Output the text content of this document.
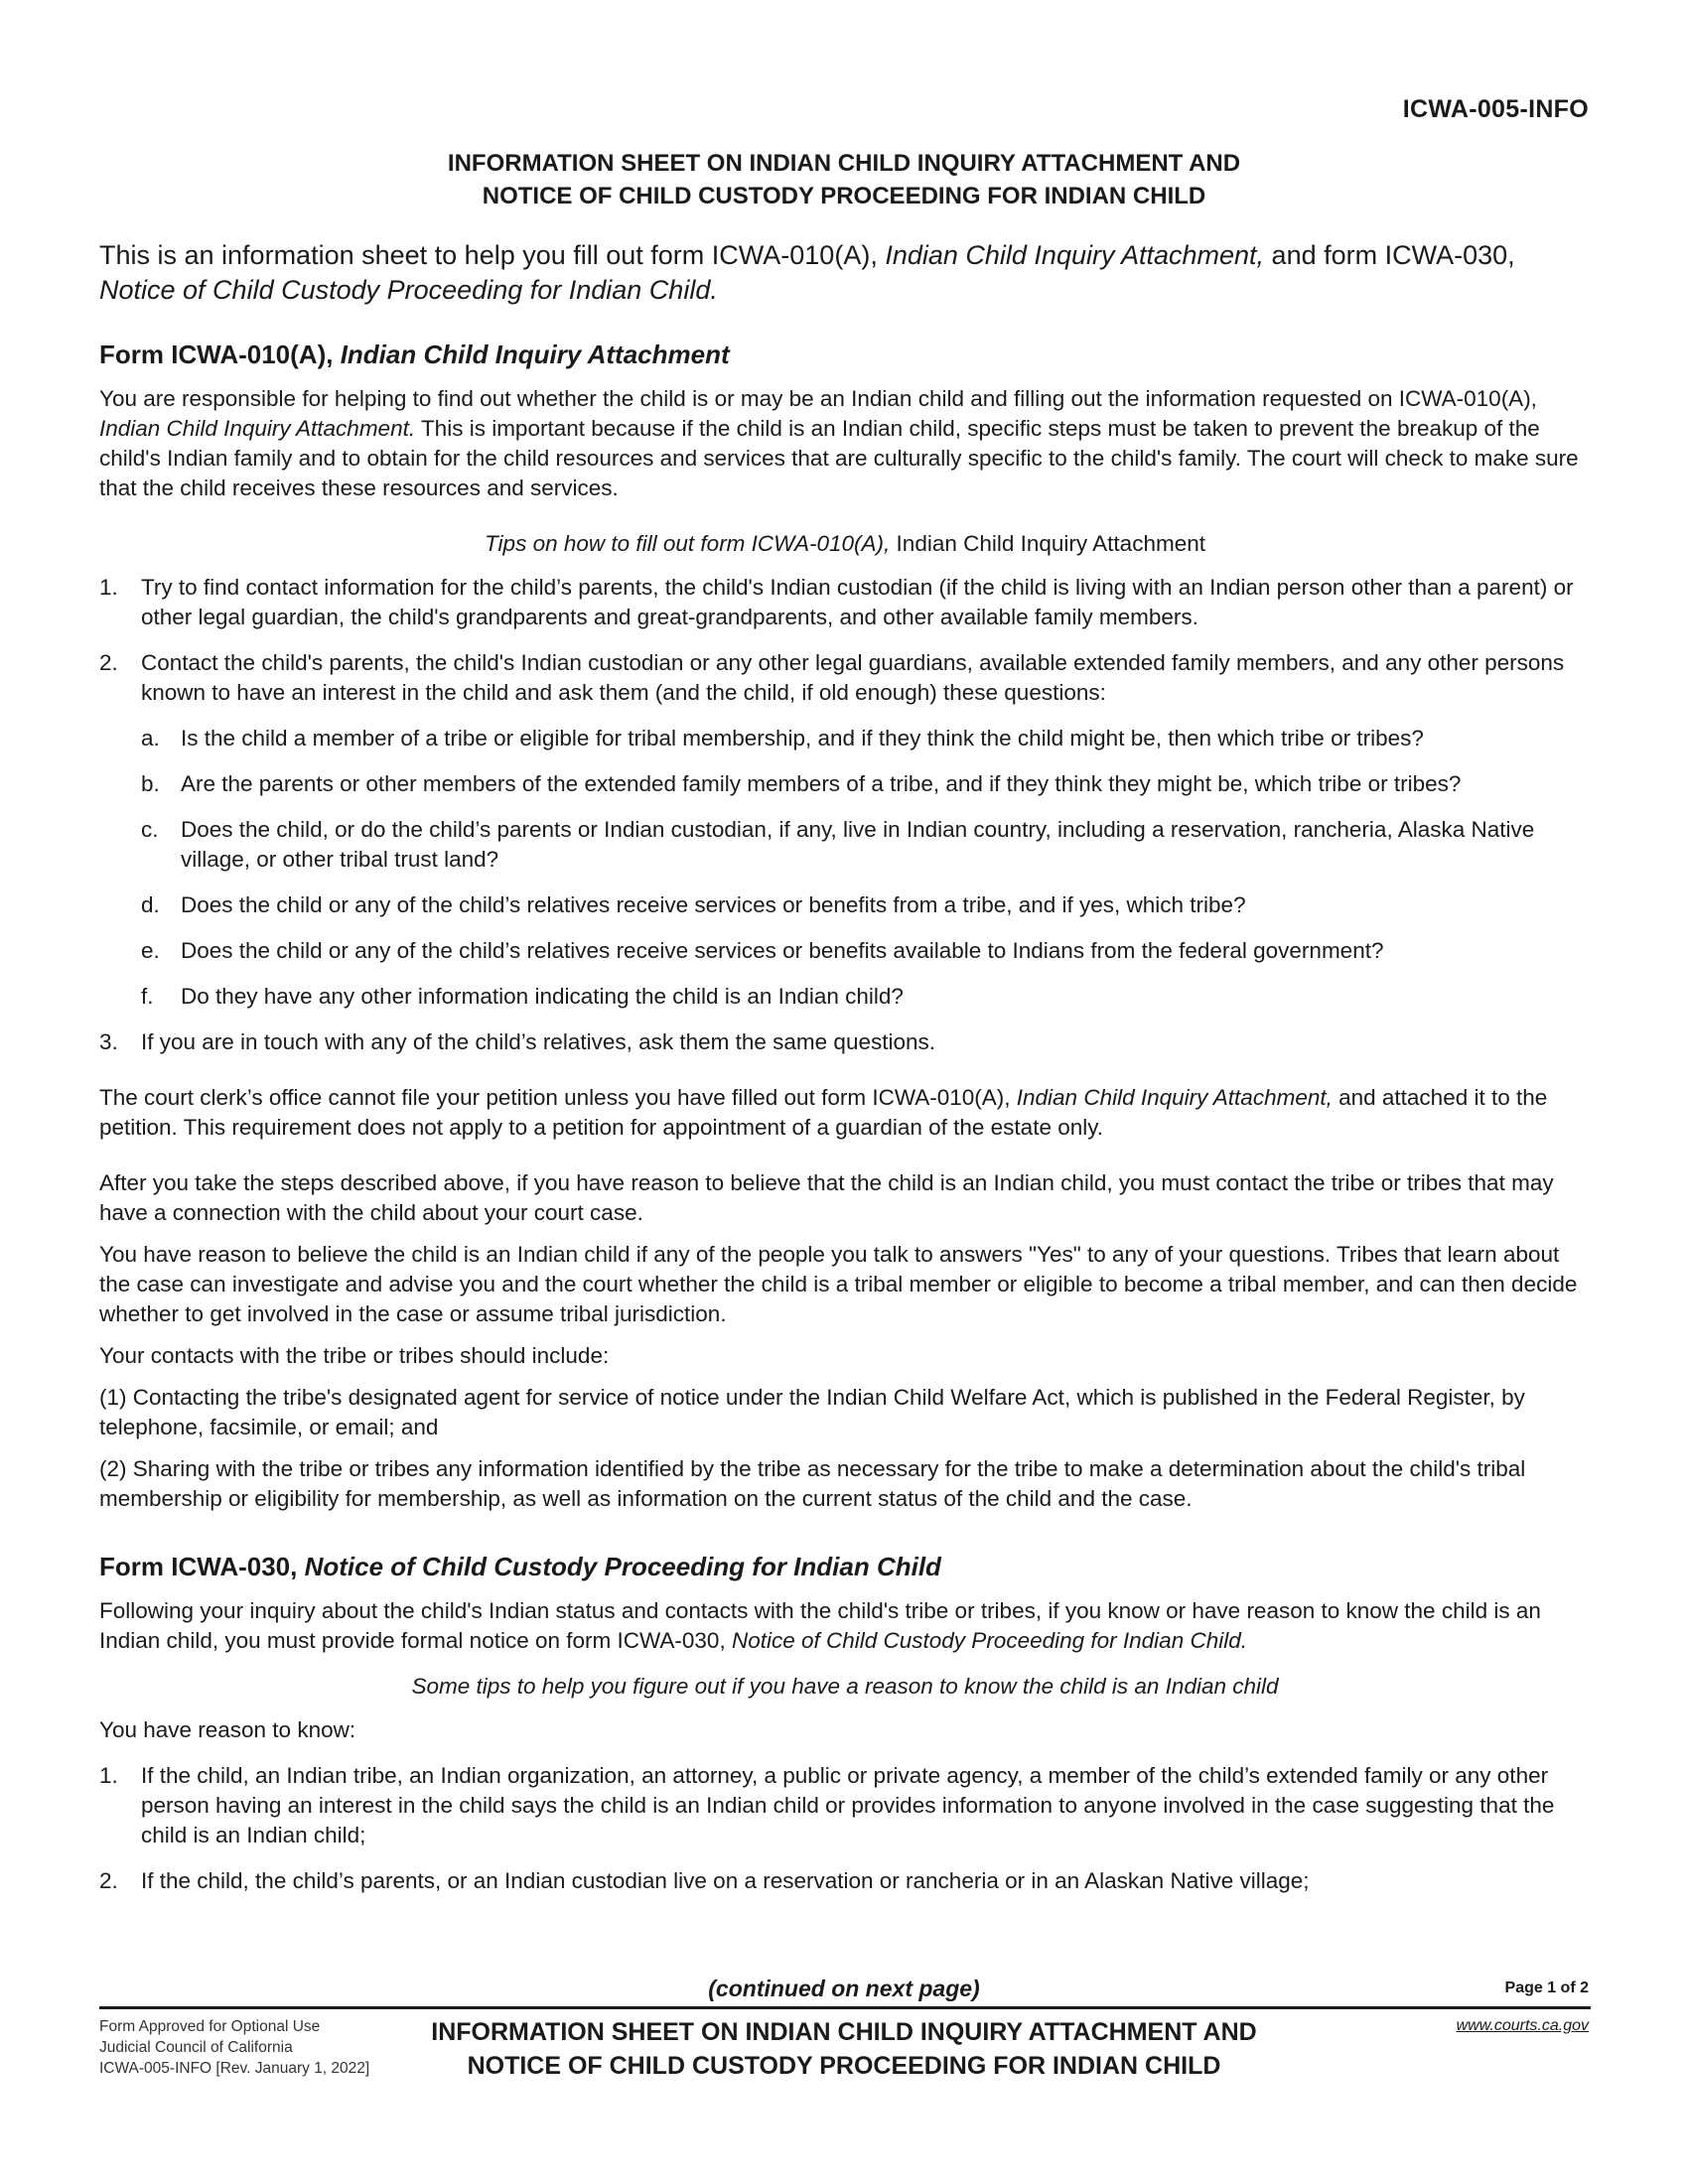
ICWA-005-INFO
INFORMATION SHEET ON INDIAN CHILD INQUIRY ATTACHMENT AND
NOTICE OF CHILD CUSTODY PROCEEDING FOR INDIAN CHILD
This is an information sheet to help you fill out form ICWA-010(A), Indian Child Inquiry Attachment, and form ICWA-030, Notice of Child Custody Proceeding for Indian Child.
Form ICWA-010(A), Indian Child Inquiry Attachment

You are responsible for helping to find out whether the child is or may be an Indian child and filling out the information requested on ICWA-010(A), Indian Child Inquiry Attachment. This is important because if the child is an Indian child, specific steps must be taken to prevent the breakup of the child's Indian family and to obtain for the child resources and services that are culturally specific to the child's family. The court will check to make sure that the child receives these resources and services.

Tips on how to fill out form ICWA-010(A), Indian Child Inquiry Attachment
1.	Try to find contact information for the child’s parents, the child's Indian custodian (if the child is living with an Indian person other than a parent) or other legal guardian, the child's grandparents and great-grandparents, and other available family members.
2.	Contact the child's parents, the child's Indian custodian or any other legal guardians, available extended family members, and any other persons known to have an interest in the child and ask them (and the child, if old enough) these questions:
a. Is the child a member of a tribe or eligible for tribal membership, and if they think the child might be, then which tribe or tribes?
b. Are the parents or other members of the extended family members of a tribe, and if they think they might be, which tribe or tribes?
c. Does the child, or do the child’s parents or Indian custodian, if any, live in Indian country, including a reservation, rancheria, Alaska Native village, or other tribal trust land?
d. Does the child or any of the child’s relatives receive services or benefits from a tribe, and if yes, which tribe?
e. Does the child or any of the child’s relatives receive services or benefits available to Indians from the federal government?
f.	Do they have any other information indicating the child is an Indian child?
3.	If you are in touch with any of the child’s relatives, ask them the same questions.

The court clerk’s office cannot file your petition unless you have filled out form ICWA-010(A), Indian Child Inquiry Attachment, and attached it to the petition. This requirement does not apply to a petition for appointment of a guardian of the estate only.

After you take the steps described above, if you have reason to believe that the child is an Indian child, you must contact the tribe or tribes that may have a connection with the child about your court case.

You have reason to believe the child is an Indian child if any of the people you talk to answers "Yes" to any of your questions. Tribes that learn about the case can investigate and advise you and the court whether the child is a tribal member or eligible to become a tribal member, and can then decide whether to get involved in the case or assume tribal jurisdiction.

Your contacts with the tribe or tribes should include:

(1) Contacting the tribe's designated agent for service of notice under the Indian Child Welfare Act, which is published in the Federal Register, by telephone, facsimile, or email; and

(2) Sharing with the tribe or tribes any information identified by the tribe as necessary for the tribe to make a determination about the child's tribal membership or eligibility for membership, as well as information on the current status of the child and the case.

Form ICWA-030, Notice of Child Custody Proceeding for Indian Child

Following your inquiry about the child's Indian status and contacts with the child's tribe or tribes, if you know or have reason to know the child is an Indian child, you must provide formal notice on form ICWA-030, Notice of Child Custody Proceeding for Indian Child.

Some tips to help you figure out if you have a reason to know the child is an Indian child

You have reason to know:

1.	If the child, an Indian tribe, an Indian organization, an attorney, a public or private agency, a member of the child’s extended family or any other person having an interest in the child says the child is an Indian child or provides information to anyone involved in the case suggesting that the child is an Indian child;
2.	If the child, the child’s parents, or an Indian custodian live on a reservation or rancheria or in an Alaskan Native village;
(continued on next page)	Page 1 of 2
Form Approved for Optional Use
Judicial Council of California
ICWA-005-INFO [Rev. January 1, 2022]
INFORMATION SHEET ON INDIAN CHILD INQUIRY ATTACHMENT AND
NOTICE OF CHILD CUSTODY PROCEEDING FOR INDIAN CHILD
www.courts.ca.gov
